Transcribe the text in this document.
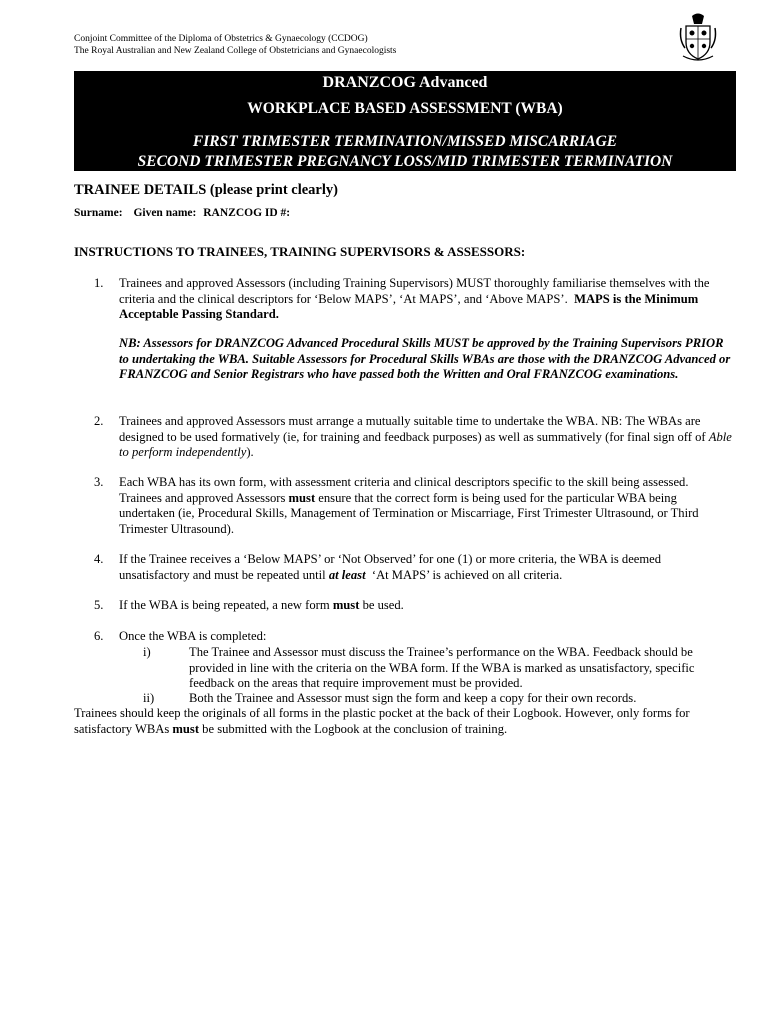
Conjoint Committee of the Diploma of Obstetrics & Gynaecology (CCDOG)
The Royal Australian and New Zealand College of Obstetricians and Gynaecologists
DRANZCOG Advanced
WORKPLACE BASED ASSESSMENT (WBA)
FIRST TRIMESTER TERMINATION/MISSED MISCARRIAGE
SECOND TRIMESTER PREGNANCY LOSS/MID TRIMESTER TERMINATION
TRAINEE DETAILS (please print clearly)
Surname: Given name: RANZCOG ID #:
INSTRUCTIONS TO TRAINEES, TRAINING SUPERVISORS & ASSESSORS:
1. Trainees and approved Assessors (including Training Supervisors) MUST thoroughly familiarise themselves with the criteria and the clinical descriptors for ‘Below MAPS’, ‘At MAPS’, and ‘Above MAPS’. MAPS is the Minimum Acceptable Passing Standard.
NB: Assessors for DRANZCOG Advanced Procedural Skills MUST be approved by the Training Supervisors PRIOR to undertaking the WBA. Suitable Assessors for Procedural Skills WBAs are those with the DRANZCOG Advanced or FRANZCOG and Senior Registrars who have passed both the Written and Oral FRANZCOG examinations.
2. Trainees and approved Assessors must arrange a mutually suitable time to undertake the WBA. NB: The WBAs are designed to be used formatively (ie, for training and feedback purposes) as well as summatively (for final sign off of Able to perform independently).
3. Each WBA has its own form, with assessment criteria and clinical descriptors specific to the skill being assessed. Trainees and approved Assessors must ensure that the correct form is being used for the particular WBA being undertaken (ie, Procedural Skills, Management of Termination or Miscarriage, First Trimester Ultrasound, or Third Trimester Ultrasound).
4. If the Trainee receives a ‘Below MAPS’ or ‘Not Observed’ for one (1) or more criteria, the WBA is deemed unsatisfactory and must be repeated until at least ‘At MAPS’ is achieved on all criteria.
5. If the WBA is being repeated, a new form must be used.
6. Once the WBA is completed:
i)	The Trainee and Assessor must discuss the Trainee’s performance on the WBA. Feedback should be provided in line with the criteria on the WBA form. If the WBA is marked as unsatisfactory, specific feedback on the areas that require improvement must be provided.
ii)	Both the Trainee and Assessor must sign the form and keep a copy for their own records.
Trainees should keep the originals of all forms in the plastic pocket at the back of their Logbook. However, only forms for satisfactory WBAs must be submitted with the Logbook at the conclusion of training.
